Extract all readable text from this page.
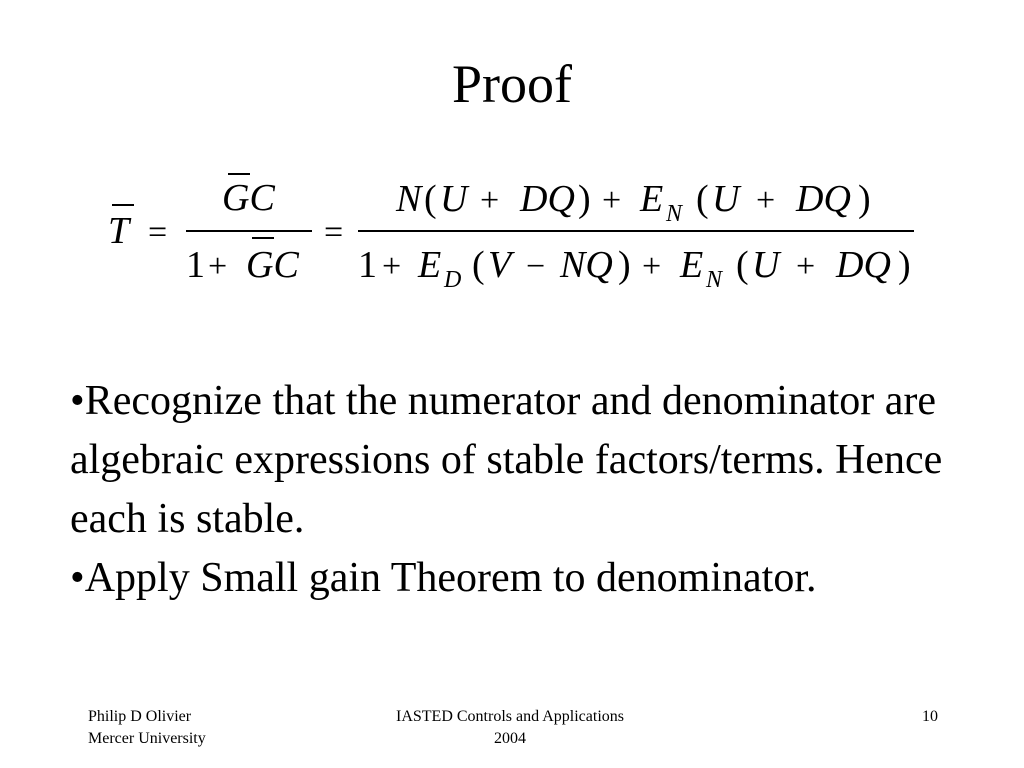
Proof
T =
GC
1 + GC
=
N ( U + DQ ) + E N ( U + DQ )
1 + E D ( V − NQ ) + E N ( U + DQ )
•Recognize that the numerator and denominator are algebraic expressions of stable factors/terms. Hence each is stable.
•Apply Small gain Theorem to denominator.
Philip D Olivier
Mercer University
IASTED Controls and Applications
2004
10
